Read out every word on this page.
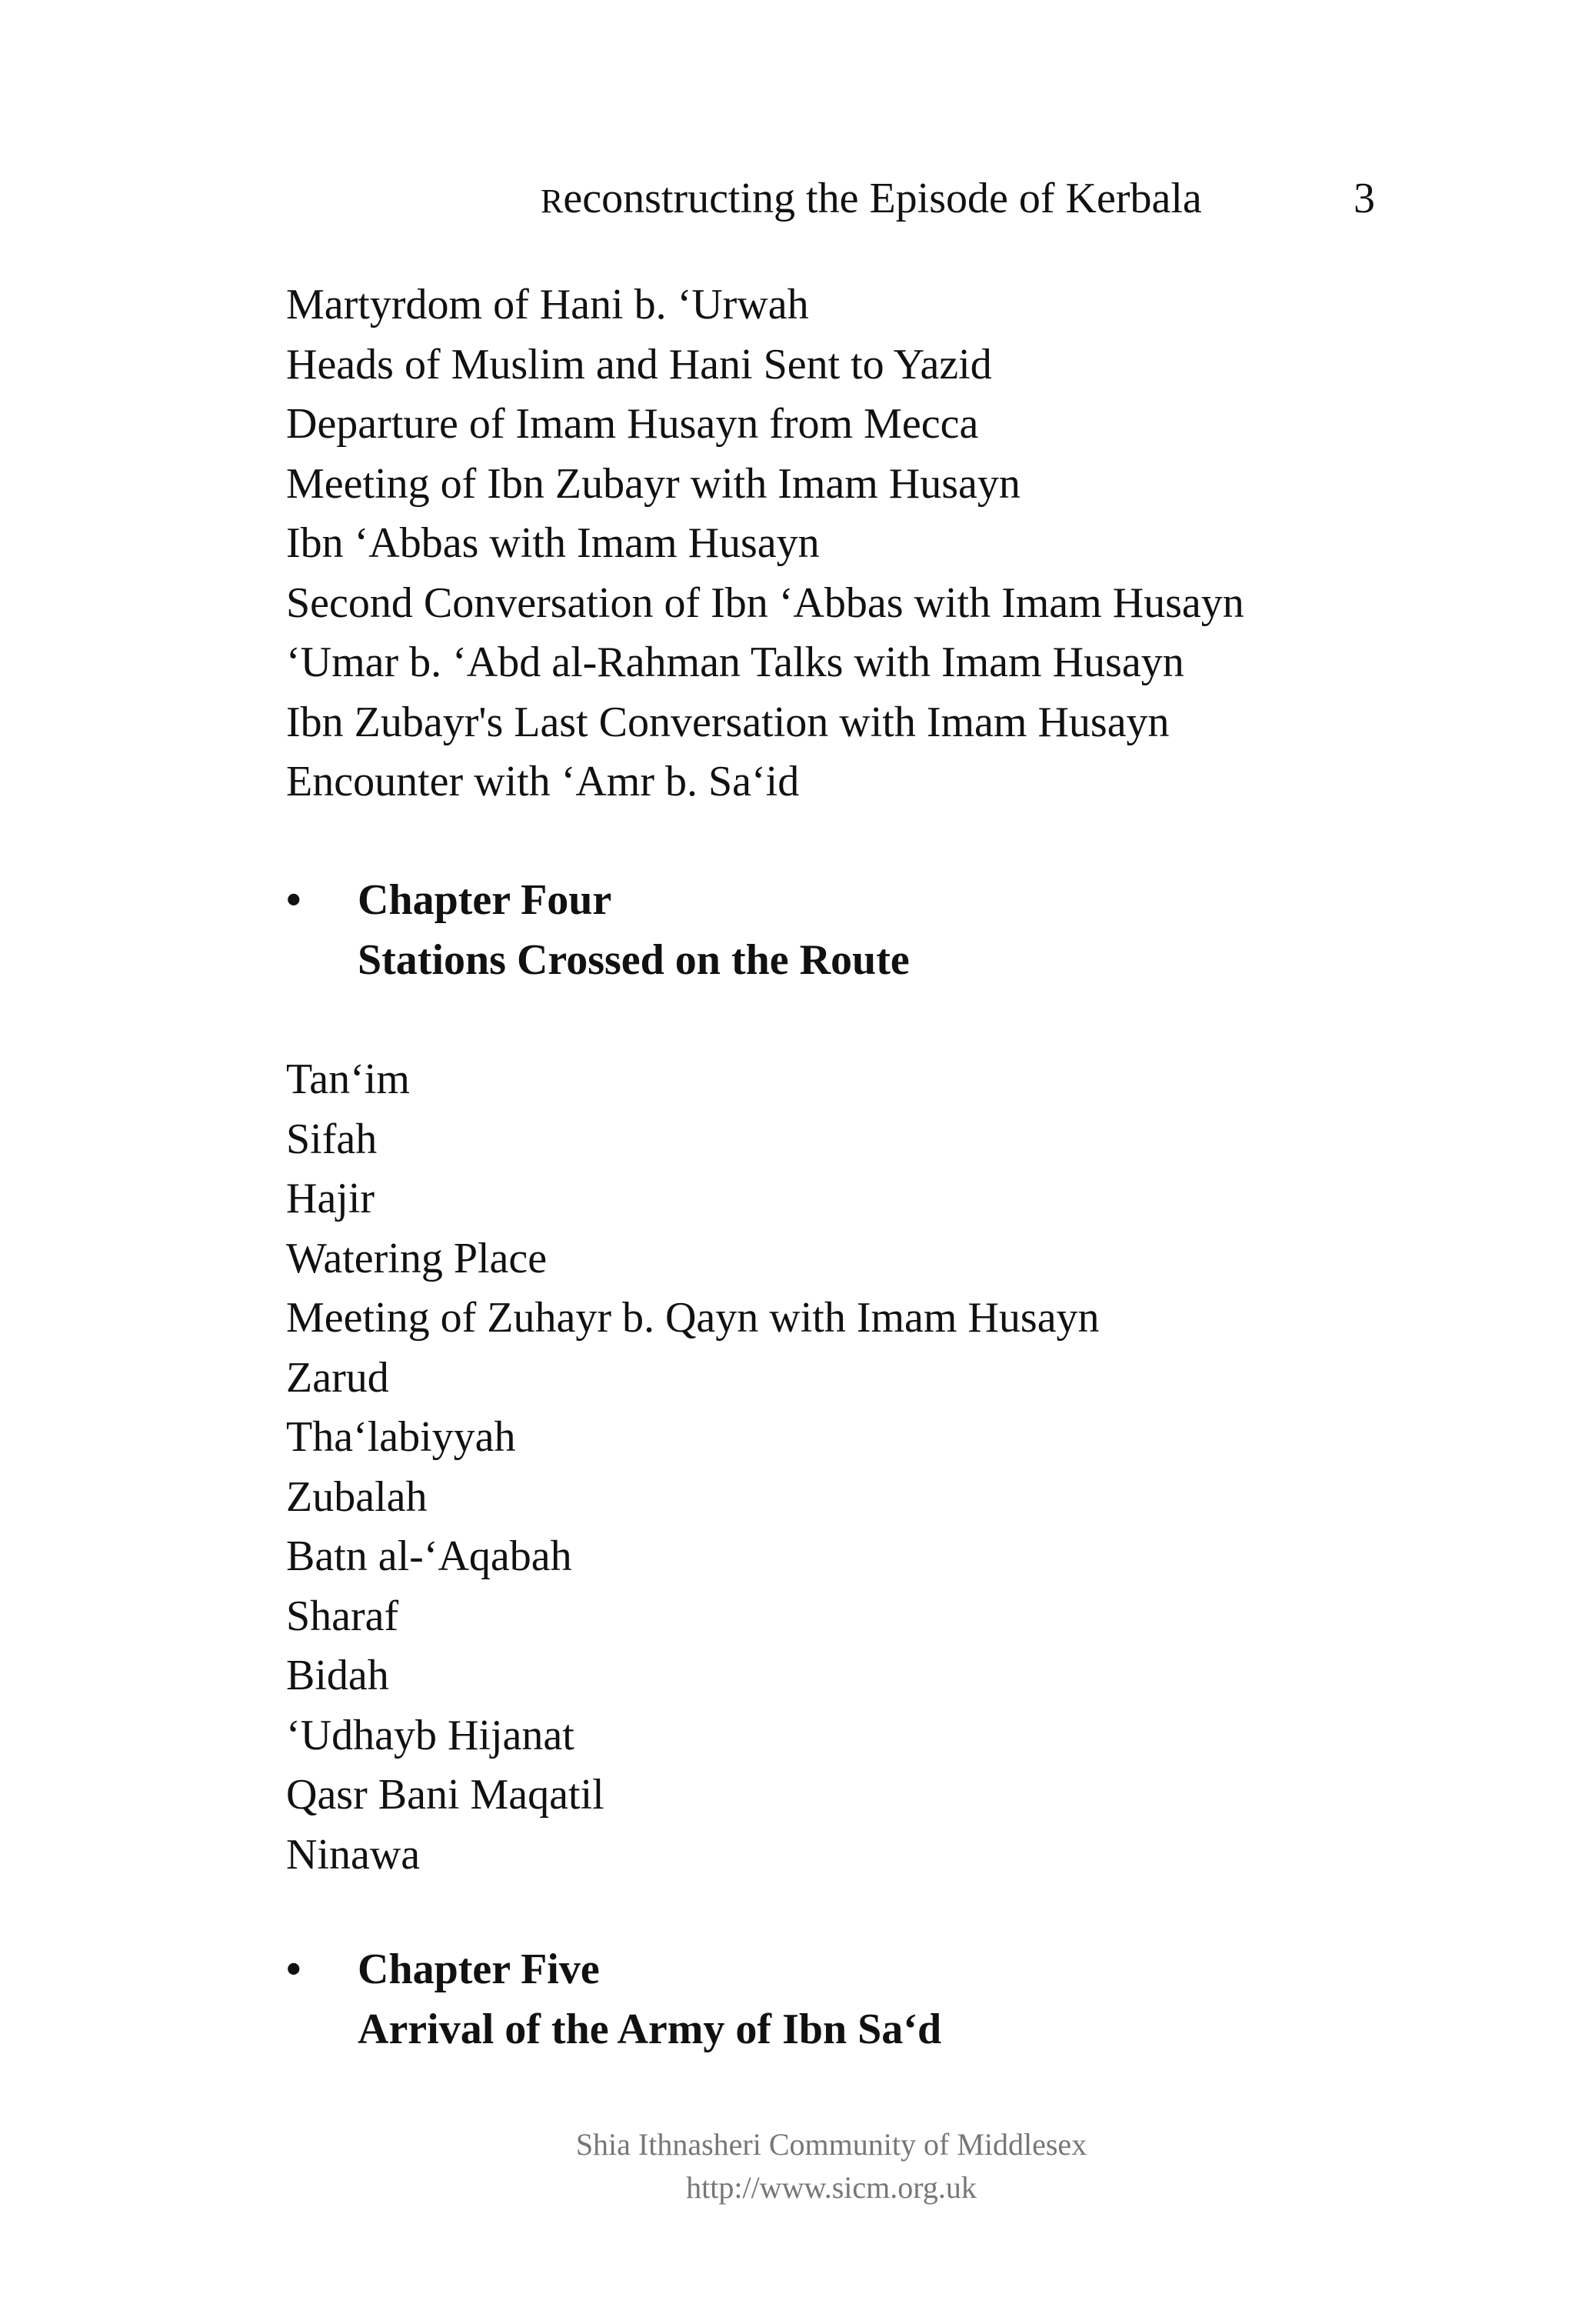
Reconstructing the Episode of Kerbala	3
Martyrdom of Hani b. ‘Urwah
Heads of Muslim and Hani Sent to Yazid
Departure of Imam Husayn from Mecca
Meeting of Ibn Zubayr with Imam Husayn
Ibn ‘Abbas with Imam Husayn
Second Conversation of Ibn ‘Abbas with Imam Husayn
‘Umar b. ‘Abd al-Rahman Talks with Imam Husayn
Ibn Zubayr's Last Conversation with Imam Husayn
Encounter with ‘Amr b. Sa‘id
• Chapter Four
Stations Crossed on the Route
Tan‘im
Sifah
Hajir
Watering Place
Meeting of Zuhayr b. Qayn with Imam Husayn
Zarud
Tha‘labiyyah
Zubalah
Batn al-‘Aqabah
Sharaf
Bidah
‘Udhayb Hijanat
Qasr Bani Maqatil
Ninawa
• Chapter Five
Arrival of the Army of Ibn Sa‘d
Shia Ithnasheri Community of Middlesex
http://www.sicm.org.uk
